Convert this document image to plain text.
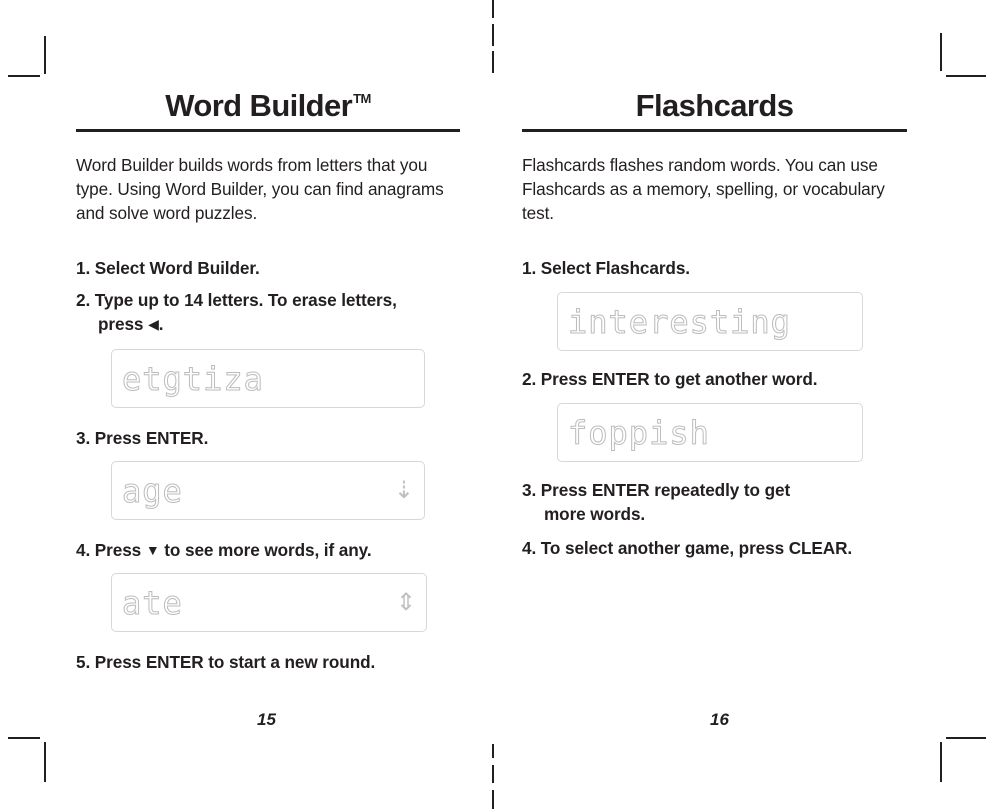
Word Builder™

Word Builder builds words from letters that you type. Using Word Builder, you can find anagrams and solve word puzzles.

1. Select Word Builder.
2. Type up to 14 letters. To erase letters,
press ◀.
etgtiza
3. Press ENTER.
age	⇣
4. Press ▼ to see more words, if any.
ate	⇕
5. Press ENTER to start a new round.
15
Flashcards

Flashcards flashes random words. You can use Flashcards as a memory, spelling, or vocabulary test.

1. Select Flashcards.
interesting
2. Press ENTER to get another word.
foppish
3. Press ENTER repeatedly to get
more words.
4. To select another game, press CLEAR.
16
